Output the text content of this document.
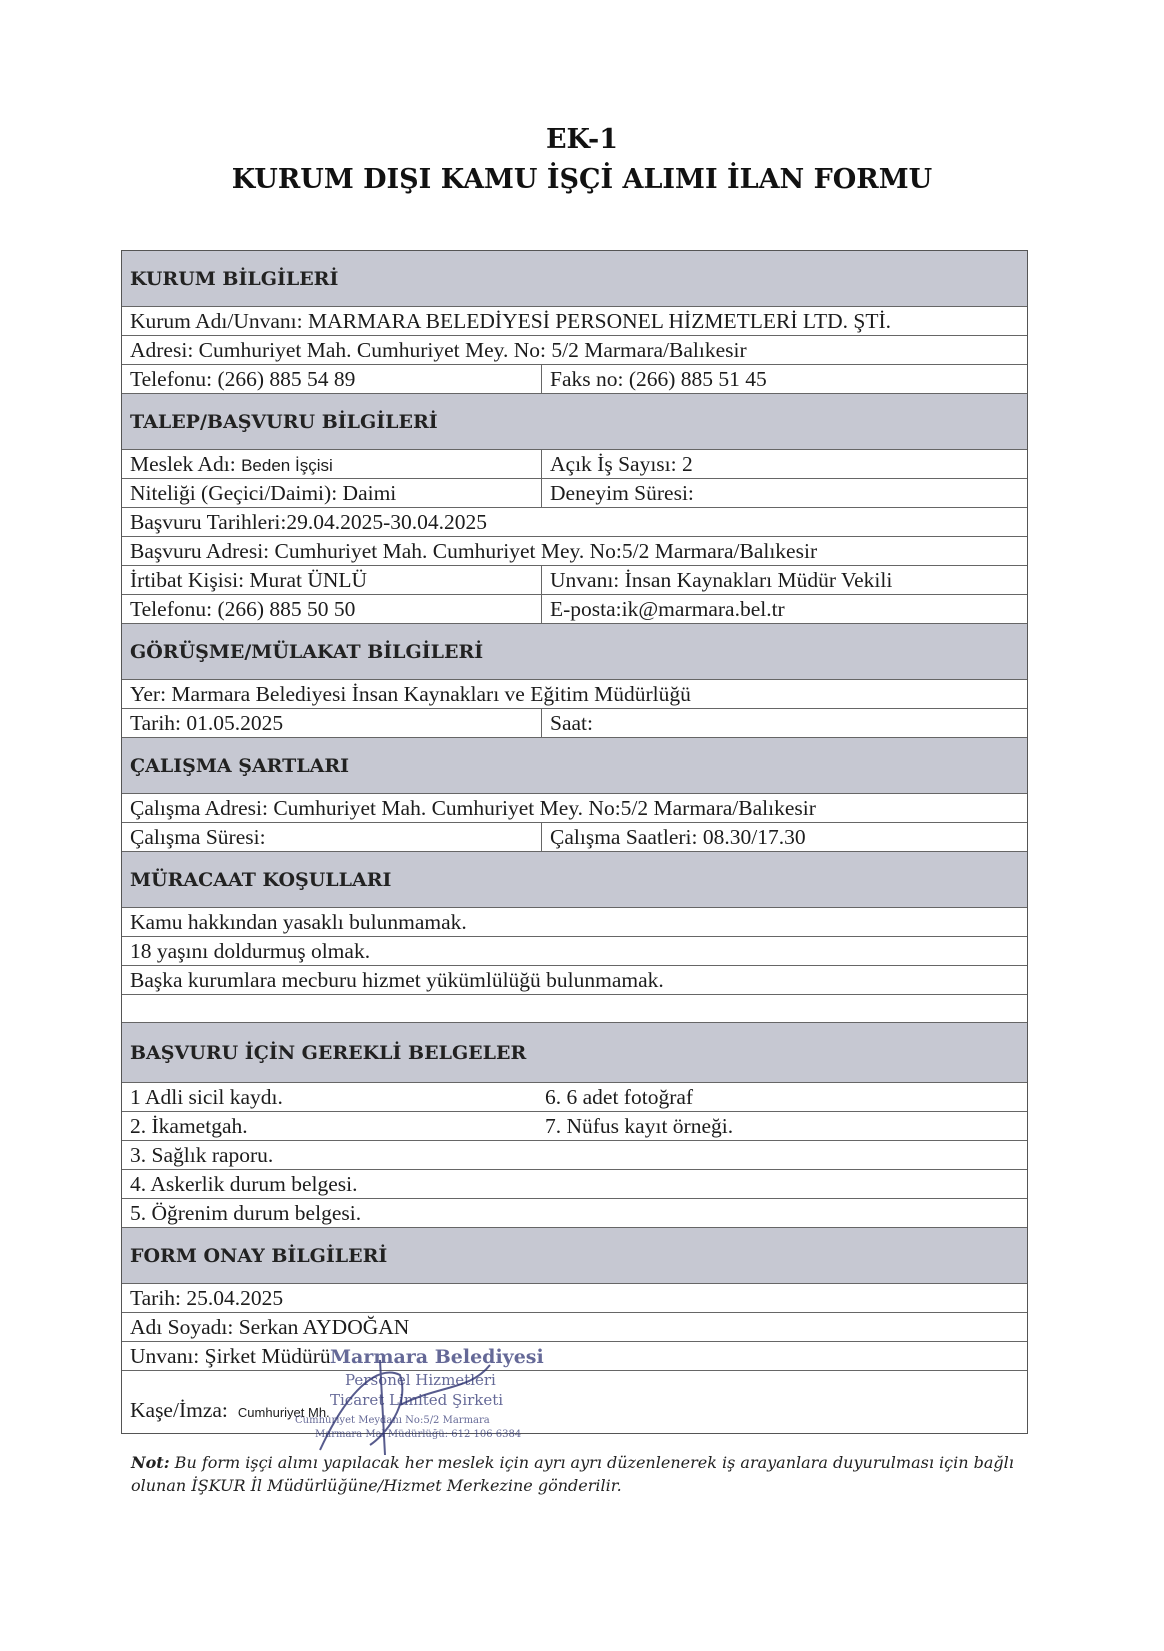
EK-1
KURUM DIŞI KAMU İŞÇİ ALIMI İLAN FORMU
KURUM BİLGİLERİ
Kurum Adı/Unvanı: MARMARA BELEDİYESİ PERSONEL HİZMETLERİ LTD. ŞTİ.
Adresi: Cumhuriyet Mah. Cumhuriyet Mey. No: 5/2 Marmara/Balıkesir
Telefonu: (266) 885 54 89	Faks no: (266) 885 51 45
TALEP/BAŞVURU BİLGİLERİ
Meslek Adı: Beden İşçisi	Açık İş Sayısı: 2
Niteliği (Geçici/Daimi): Daimi	Deneyim Süresi:
Başvuru Tarihleri:29.04.2025-30.04.2025
Başvuru Adresi: Cumhuriyet Mah. Cumhuriyet Mey. No:5/2 Marmara/Balıkesir
İrtibat Kişisi: Murat ÜNLÜ	Unvanı: İnsan Kaynakları Müdür Vekili
Telefonu: (266) 885 50 50	E-posta:ik@marmara.bel.tr
GÖRÜŞME/MÜLAKAT BİLGİLERİ
Yer: Marmara Belediyesi İnsan Kaynakları ve Eğitim Müdürlüğü
Tarih: 01.05.2025	Saat:
ÇALIŞMA ŞARTLARI
Çalışma Adresi: Cumhuriyet Mah. Cumhuriyet Mey. No:5/2 Marmara/Balıkesir
Çalışma Süresi:	Çalışma Saatleri: 08.30/17.30
MÜRACAAT KOŞULLARI
Kamu hakkından yasaklı bulunmamak.
18 yaşını doldurmuş olmak.
Başka kurumlara mecburu hizmet yükümlülüğü bulunmamak.
BAŞVURU İÇİN GEREKLİ BELGELER
1 Adli sicil kaydı.	6. 6 adet fotoğraf
2. İkametgah.	7. Nüfus kayıt örneği.
3. Sağlık raporu.
4. Askerlik durum belgesi.
5. Öğrenim durum belgesi.
FORM ONAY BİLGİLERİ
Tarih: 25.04.2025
Adı Soyadı: Serkan AYDOĞAN
Unvanı: Şirket Müdürü
Kaşe/İmza: Cumhuriyet Mh.
Marmara Belediyesi
Personel Hizmetleri
Ticaret Limited Şirketi
Cumhuriyet Meydanı No:5/2 Marmara
Marmara Mal Müdürlüğü: 612 106 6384
Not: Bu form işçi alımı yapılacak her meslek için ayrı ayrı düzenlenerek iş arayanlara duyurulması için bağlı olunan İŞKUR İl Müdürlüğüne/Hizmet Merkezine gönderilir.
